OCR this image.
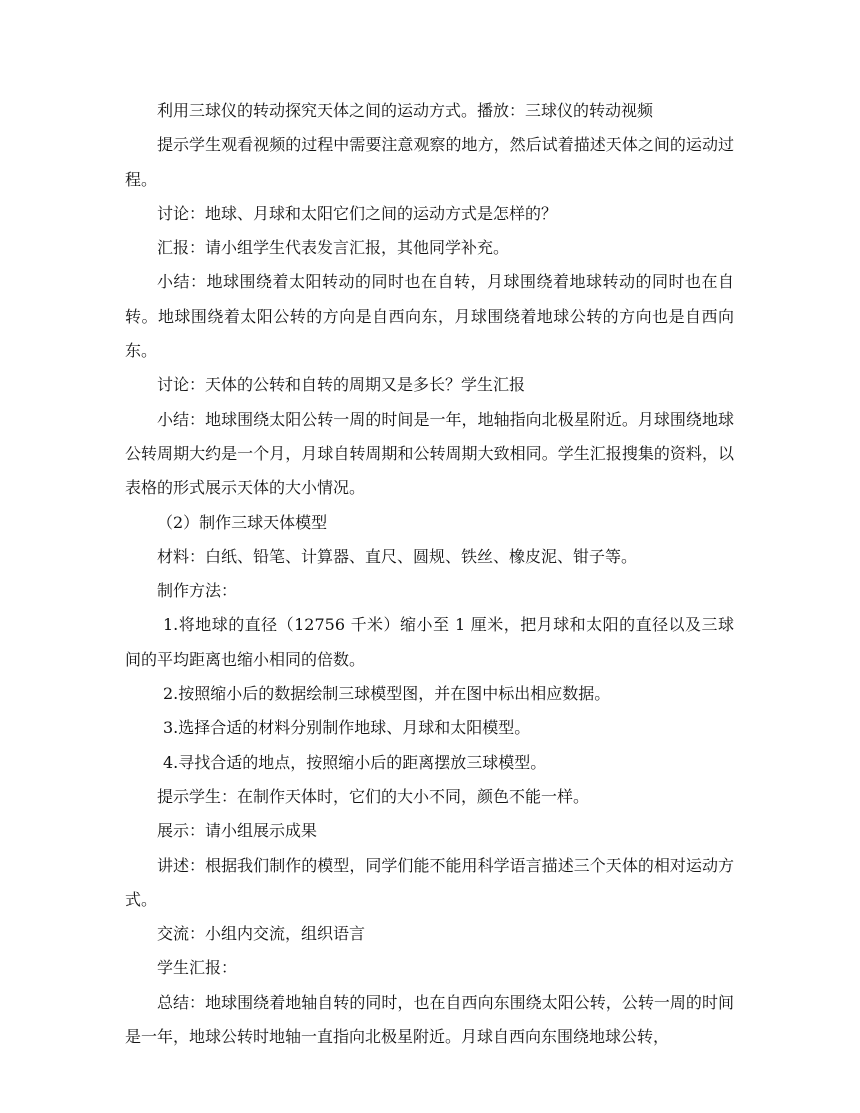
利用三球仪的转动探究天体之间的运动方式。播放：三球仪的转动视频

提示学生观看视频的过程中需要注意观察的地方，然后试着描述天体之间的运动过程。

讨论：地球、月球和太阳它们之间的运动方式是怎样的？

汇报：请小组学生代表发言汇报，其他同学补充。

小结：地球围绕着太阳转动的同时也在自转，月球围绕着地球转动的同时也在自转。地球围绕着太阳公转的方向是自西向东，月球围绕着地球公转的方向也是自西向东。

讨论：天体的公转和自转的周期又是多长？学生汇报

小结：地球围绕太阳公转一周的时间是一年，地轴指向北极星附近。月球围绕地球公转周期大约是一个月，月球自转周期和公转周期大致相同。学生汇报搜集的资料，以表格的形式展示天体的大小情况。

（2）制作三球天体模型

材料：白纸、铅笔、计算器、直尺、圆规、铁丝、橡皮泥、钳子等。

制作方法：

1.将地球的直径（12756 千米）缩小至 1 厘米，把月球和太阳的直径以及三球间的平均距离也缩小相同的倍数。

2.按照缩小后的数据绘制三球模型图，并在图中标出相应数据。

3.选择合适的材料分别制作地球、月球和太阳模型。

4.寻找合适的地点，按照缩小后的距离摆放三球模型。

提示学生：在制作天体时，它们的大小不同，颜色不能一样。

展示：请小组展示成果

讲述：根据我们制作的模型，同学们能不能用科学语言描述三个天体的相对运动方式。

交流：小组内交流，组织语言

学生汇报：

总结：地球围绕着地轴自转的同时，也在自西向东围绕太阳公转，公转一周的时间是一年，地球公转时地轴一直指向北极星附近。月球自西向东围绕地球公转，
